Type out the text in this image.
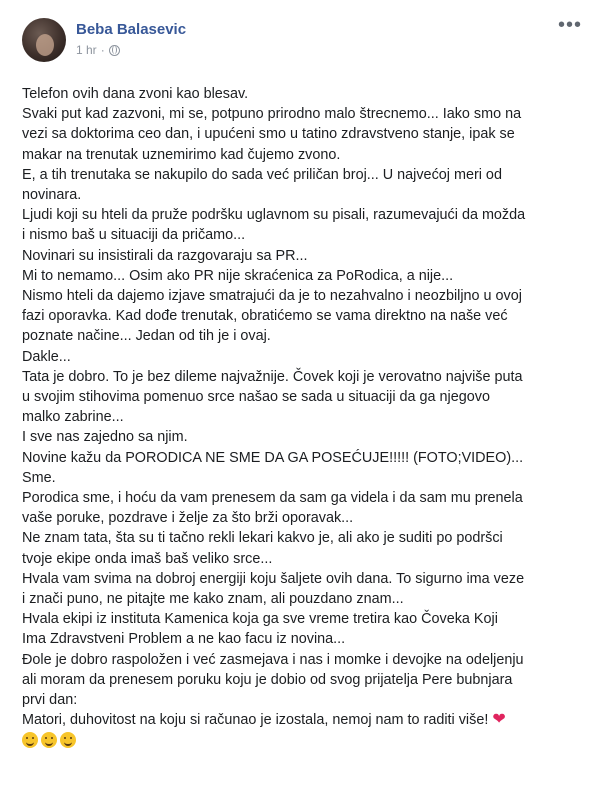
Beba Balasevic
1 hr ·
•••

Telefon ovih dana zvoni kao blesav.

Svaki put kad zazvoni, mi se, potpuno prirodno malo štrecnemo... Iako smo na

vezi sa doktorima ceo dan, i upućeni smo u tatino zdravstveno stanje, ipak se

makar na trenutak uznemirimo kad čujemo zvono.

E, a tih trenutaka se nakupilo do sada već priličan broj... U najvećoj meri od

novinara.

Ljudi koji su hteli da pruže podršku uglavnom su pisali, razumevajući da možda

i nismo baš u situaciji da pričamo...

Novinari su insistirali da razgovaraju sa PR...

Mi to nemamo... Osim ako PR nije skraćenica za PoRodica, a nije...

Nismo hteli da dajemo izjave smatrajući da je to nezahvalno i neozbiljno u ovoj

fazi oporavka. Kad dođe trenutak, obratićemo se vama direktno na naše već

poznate načine... Jedan od tih je i ovaj.

Dakle...

Tata je dobro. To je bez dileme najvažnije. Čovek koji je verovatno najviše puta

u svojim stihovima pomenuo srce našao se sada u situaciji da ga njegovo

malko zabrine...

I sve nas zajedno sa njim.

Novine kažu da PORODICA NE SME DA GA POSEĆUJE!!!!! (FOTO;VIDEO)...

Sme.

Porodica sme, i hoću da vam prenesem da sam ga videla i da sam mu prenela

vaše poruke, pozdrave i želje za što brži oporavak...

Ne znam tata, šta su ti tačno rekli lekari kakvo je, ali ako je suditi po podršci

tvoje ekipe onda imaš baš veliko srce...

Hvala vam svima na dobroj energiji koju šaljete ovih dana. To sigurno ima veze

i znači puno, ne pitajte me kako znam, ali pouzdano znam...

Hvala ekipi iz instituta Kamenica koja ga sve vreme tretira kao Čoveka Koji

Ima Zdravstveni Problem a ne kao facu iz novina...

Đole je dobro raspoložen i već zasmejava i nas i momke i devojke na odeljenju

ali moram da prenesem poruku koju je dobio od svog prijatelja Pere bubnjara

prvi dan:

Matori, duhovitost na koju si računao je izostala, nemoj nam to raditi više! ❤
